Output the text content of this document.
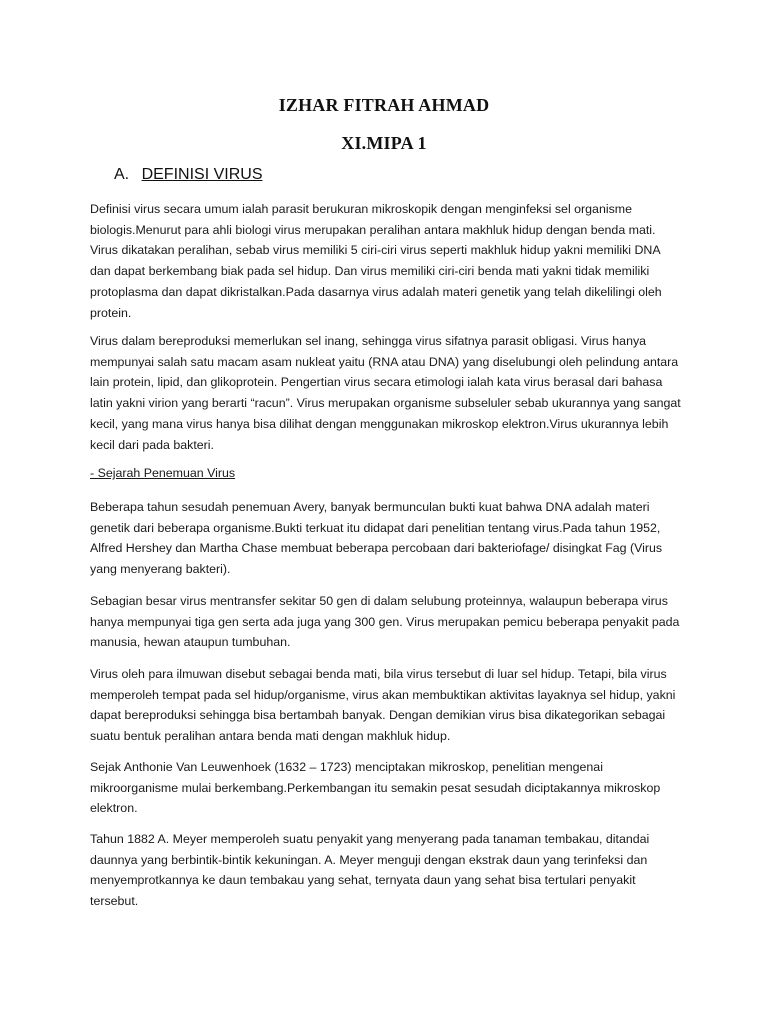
IZHAR FITRAH AHMAD
XI.MIPA 1
A. DEFINISI VIRUS

Definisi virus secara umum ialah parasit berukuran mikroskopik dengan menginfeksi sel organisme biologis.Menurut para ahli biologi virus merupakan peralihan antara makhluk hidup dengan benda mati. Virus dikatakan peralihan, sebab virus memiliki 5 ciri-ciri virus seperti makhluk hidup yakni memiliki DNA dan dapat berkembang biak pada sel hidup. Dan virus memiliki ciri-ciri benda mati yakni tidak memiliki protoplasma dan dapat dikristalkan.Pada dasarnya virus adalah materi genetik yang telah dikelilingi oleh protein.

Virus dalam bereproduksi memerlukan sel inang, sehingga virus sifatnya parasit obligasi. Virus hanya mempunyai salah satu macam asam nukleat yaitu (RNA atau DNA) yang diselubungi oleh pelindung antara lain protein, lipid, dan glikoprotein. Pengertian virus secara etimologi ialah kata virus berasal dari bahasa latin yakni virion yang berarti “racun”. Virus merupakan organisme subseluler sebab ukurannya yang sangat kecil, yang mana virus hanya bisa dilihat dengan menggunakan mikroskop elektron.Virus ukurannya lebih kecil dari pada bakteri.

- Sejarah Penemuan Virus

Beberapa tahun sesudah penemuan Avery, banyak bermunculan bukti kuat bahwa DNA adalah materi genetik dari beberapa organisme.Bukti terkuat itu didapat dari penelitian tentang virus.Pada tahun 1952, Alfred Hershey dan Martha Chase membuat beberapa percobaan dari bakteriofage/ disingkat Fag (Virus yang menyerang bakteri).

Sebagian besar virus mentransfer sekitar 50 gen di dalam selubung proteinnya, walaupun beberapa virus hanya mempunyai tiga gen serta ada juga yang 300 gen. Virus merupakan pemicu beberapa penyakit pada manusia, hewan ataupun tumbuhan.

Virus oleh para ilmuwan disebut sebagai benda mati, bila virus tersebut di luar sel hidup. Tetapi, bila virus memperoleh tempat pada sel hidup/organisme, virus akan membuktikan aktivitas layaknya sel hidup, yakni dapat bereproduksi sehingga bisa bertambah banyak. Dengan demikian virus bisa dikategorikan sebagai suatu bentuk peralihan antara benda mati dengan makhluk hidup.

Sejak Anthonie Van Leuwenhoek (1632 – 1723) menciptakan mikroskop, penelitian mengenai mikroorganisme mulai berkembang.Perkembangan itu semakin pesat sesudah diciptakannya mikroskop elektron.

Tahun 1882 A. Meyer memperoleh suatu penyakit yang menyerang pada tanaman tembakau, ditandai daunnya yang berbintik-bintik kekuningan. A. Meyer menguji dengan ekstrak daun yang terinfeksi dan menyemprotkannya ke daun tembakau yang sehat, ternyata daun yang sehat bisa tertulari penyakit tersebut.
